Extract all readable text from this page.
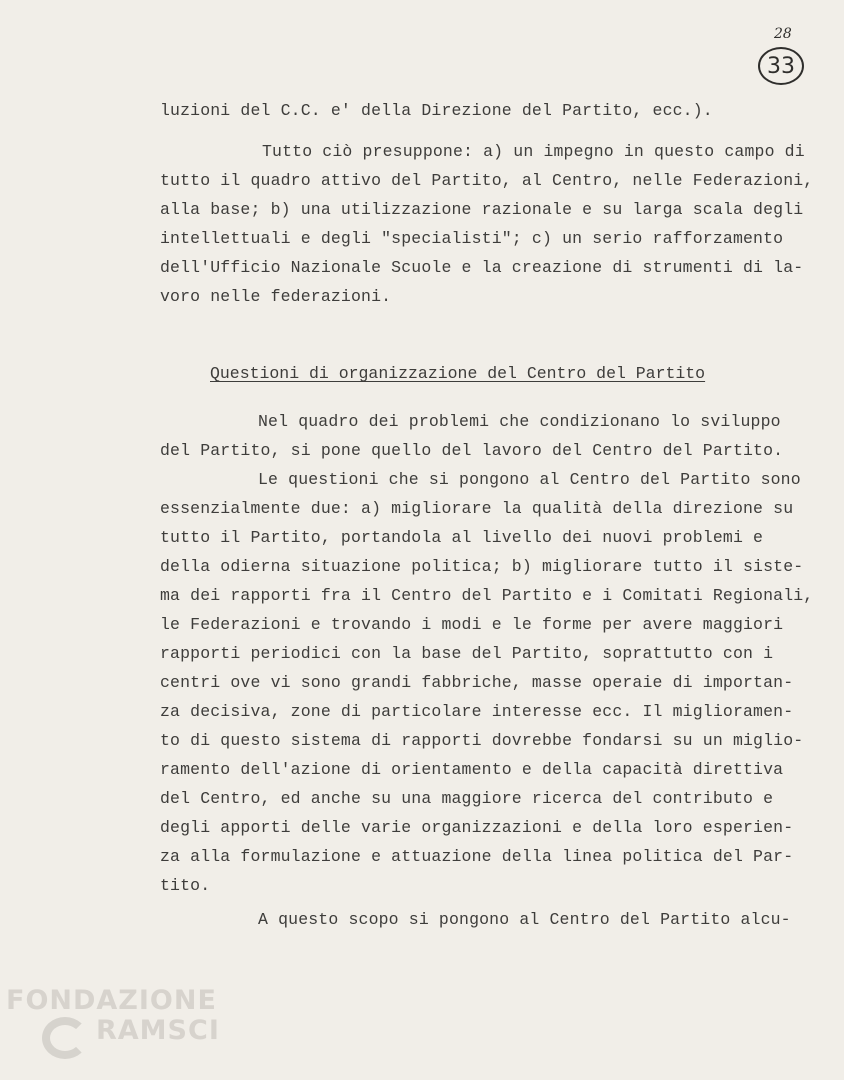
28
33
luzioni del C.C. e' della Direzione del Partito, ecc.).
Tutto ciò presuppone: a) un impegno in questo campo di
tutto il quadro attivo del Partito, al Centro, nelle Federazioni,
alla base; b) una utilizzazione razionale e su larga scala degli
intellettuali e degli "specialisti"; c) un serio rafforzamento
dell'Ufficio Nazionale Scuole e la creazione di strumenti di la-
voro nelle federazioni.
Questioni di organizzazione del Centro del Partito
Nel quadro dei problemi che condizionano lo sviluppo
del Partito, si pone quello del lavoro del Centro del Partito.
Le questioni che si pongono al Centro del Partito sono
essenzialmente due: a) migliorare la qualità della direzione su
tutto il Partito, portandola al livello dei nuovi problemi e
della odierna situazione politica; b) migliorare tutto il siste-
ma dei rapporti fra il Centro del Partito e i Comitati Regionali,
le Federazioni e trovando i modi e le forme per avere maggiori
rapporti periodici con la base del Partito, soprattutto con i
centri ove vi sono grandi fabbriche, masse operaie di importan-
za decisiva, zone di particolare interesse ecc. Il miglioramen-
to di questo sistema di rapporti dovrebbe fondarsi su un miglio-
ramento dell'azione di orientamento e della capacità direttiva
del Centro, ed anche su una maggiore ricerca del contributo e
degli apporti delle varie organizzazioni e della loro esperien-
za alla formulazione e attuazione della linea politica del Par-
tito.
A questo scopo si pongono al Centro del Partito alcu-
FONDAZIONE
RAMSCI
